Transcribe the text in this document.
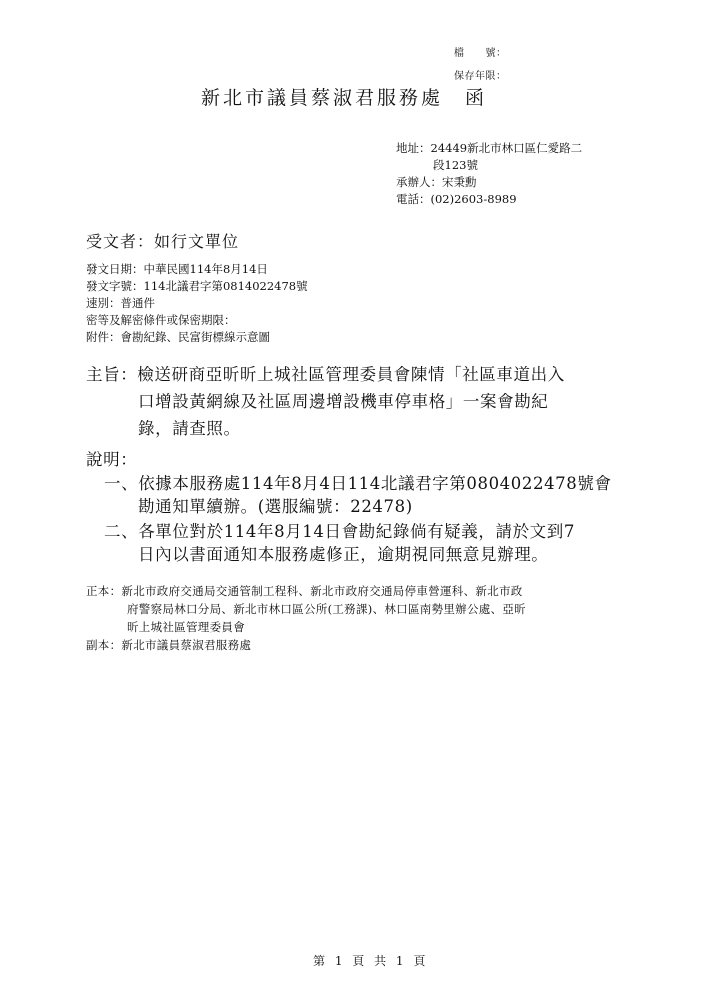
檔　　號：
保存年限：
新北市議員蔡淑君服務處　函
地址：24449新北市林口區仁愛路二
段123號
承辦人：宋秉勳
電話：(02)2603-8989
受文者：如行文單位
發文日期：中華民國114年8月14日
發文字號：114北議君字第0814022478號
速別：普通件
密等及解密條件或保密期限：
附件：會勘紀錄、民富街標線示意圖
主旨：檢送研商亞昕昕上城社區管理委員會陳情「社區車道出入
口增設黃網線及社區周邊增設機車停車格」一案會勘紀
錄，請查照。
說明：
一、依據本服務處114年8月4日114北議君字第0804022478號會
勘通知單續辦。(選服編號：22478)
二、各單位對於114年8月14日會勘紀錄倘有疑義，請於文到7
日內以書面通知本服務處修正，逾期視同無意見辦理。
正本：新北市政府交通局交通管制工程科、新北市政府交通局停車營運科、新北市政
府警察局林口分局、新北市林口區公所(工務課)、林口區南勢里辦公處、亞昕
昕上城社區管理委員會
副本：新北市議員蔡淑君服務處
第 1 頁 共 1 頁
